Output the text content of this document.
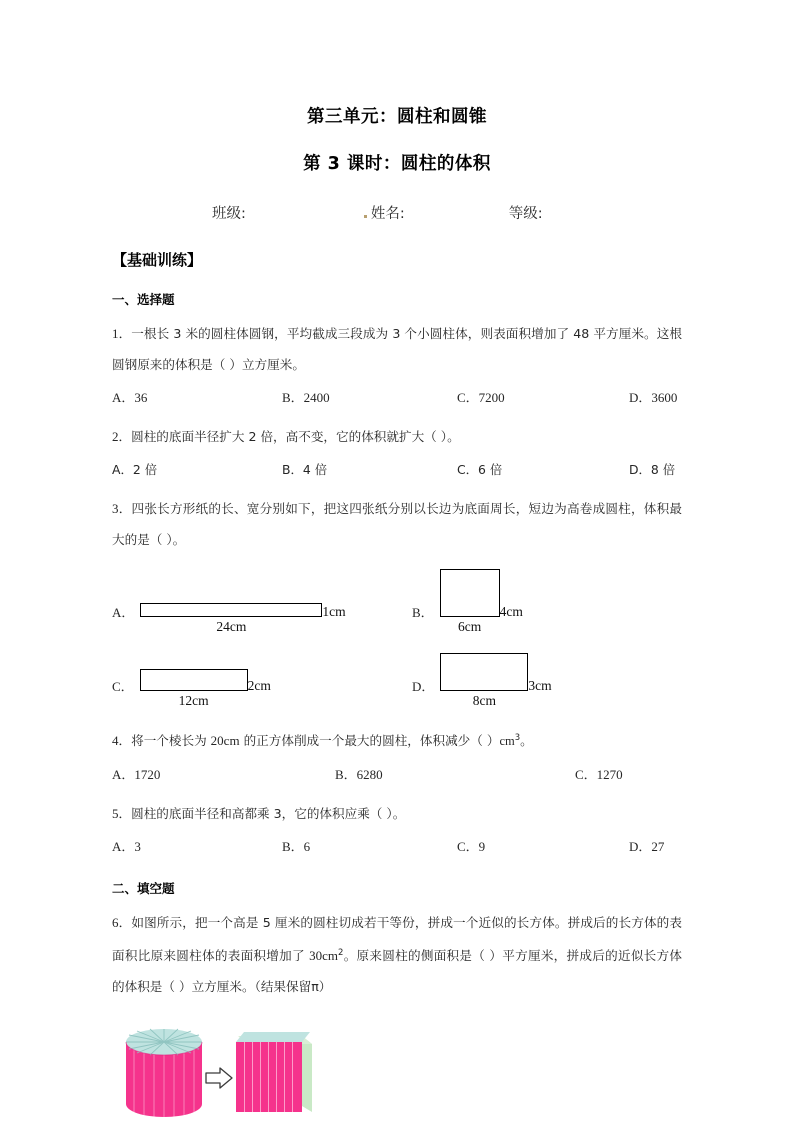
第三单元：圆柱和圆锥
第 3 课时：圆柱的体积
班级:	姓名:	等级:
【基础训练】
一、选择题
1．一根长 3 米的圆柱体圆钢，平均截成三段成为 3 个小圆柱体，则表面积增加了 48 平方厘米。这根圆钢原来的体积是（ ）立方厘米。
A．36	B．2400	C．7200	D．3600
2．圆柱的底面半径扩大 2 倍，高不变，它的体积就扩大（ ）。
A．2 倍	B．4 倍	C．6 倍	D．8 倍
3．四张长方形纸的长、宽分别如下，把这四张纸分别以长边为底面周长，短边为高卷成圆柱，体积最大的是（ ）。
A．	1cm
24cm
B．	4cm
6cm
C．	2cm
12cm
D．	3cm
8cm
4．将一个棱长为 20cm 的正方体削成一个最大的圆柱，体积减少（ ）$cm^3$。
A．1720	B．6280	C．1270
5．圆柱的底面半径和高都乘 3，它的体积应乘（ ）。
A．3	B．6	C．9	D．27
二、填空题
6．如图所示，把一个高是 5 厘米的圆柱切成若干等份，拼成一个近似的长方体。拼成后的长方体的表面积比原来圆柱体的表面积增加了 $30cm^2$。原来圆柱的侧面积是（ ）平方厘米，拼成后的近似长方体的体积是（ ）立方厘米。（结果保留π）
